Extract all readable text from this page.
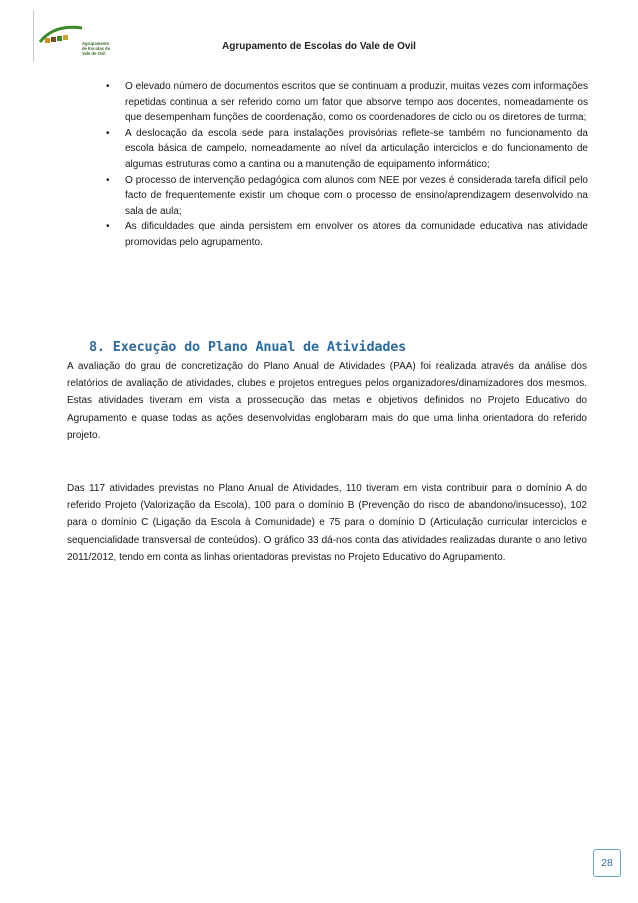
Agrupamento
de Escolas do
Vale de Ovil
Agrupamento de Escolas do Vale de Ovil
• O elevado número de documentos escritos que se continuam a produzir, muitas vezes com informações repetidas continua a ser referido como um fator que absorve tempo aos docentes, nomeadamente os que desempenham funções de coordenação, como os coordenadores de ciclo ou os diretores de turma;
• A deslocação da escola sede para instalações provisórias reflete-se também no funcionamento da escola básica de campelo, nomeadamente ao nível da articulação interciclos e do funcionamento de algumas estruturas como a cantina ou a manutenção de equipamento informático;
• O processo de intervenção pedagógica com alunos com NEE por vezes é considerada tarefa difícil pelo facto de frequentemente existir um choque com o processo de ensino/aprendizagem desenvolvido na sala de aula;
• As dificuldades que ainda persistem em envolver os atores da comunidade educativa nas atividade promovidas pelo agrupamento.
8. Execução do Plano Anual de Atividades

A avaliação do grau de concretização do Plano Anual de Atividades (PAA) foi realizada através da análise dos relatórios de avaliação de atividades, clubes e projetos entregues pelos organizadores/dinamizadores dos mesmos. Estas atividades tiveram em vista a prossecução das metas e objetivos definidos no Projeto Educativo do Agrupamento e quase todas as ações desenvolvidas englobaram mais do que uma linha orientadora do referido projeto.

Das 117 atividades previstas no Plano Anual de Atividades, 110 tiveram em vista contribuir para o domínio A do referido Projeto (Valorização da Escola), 100 para o domínio B (Prevenção do risco de abandono/insucesso), 102 para o domínio C (Ligação da Escola à Comunidade) e 75 para o domínio D (Articulação curricular interciclos e sequencialidade transversal de conteúdos). O gráfico 33 dá-nos conta das atividades realizadas durante o ano letivo 2011/2012, tendo em conta as linhas orientadoras previstas no Projeto Educativo do Agrupamento.

28
